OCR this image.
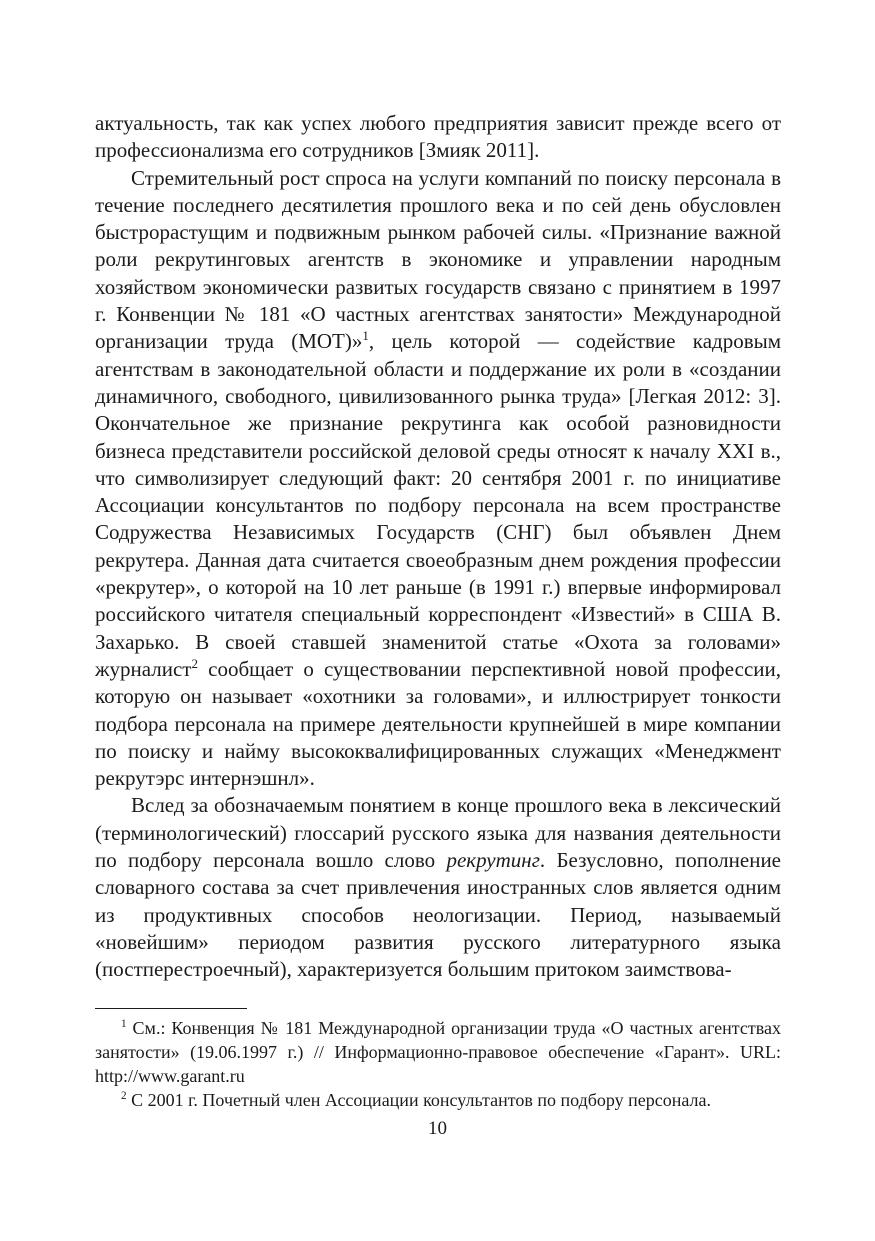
актуальность, так как успех любого предприятия зависит прежде всего от профессионализма его сотрудников [Змияк 2011].

Стремительный рост спроса на услуги компаний по поиску персонала в течение последнего десятилетия прошлого века и по сей день обусловлен быстрорастущим и подвижным рынком рабочей силы. «Признание важной роли рекрутинговых агентств в экономике и управлении народным хозяйством экономически развитых государств связано с принятием в 1997 г. Конвенции № 181 «О частных агентствах занятости» Международной организации труда (МОТ)»$^1$, цель которой — содействие кадровым агентствам в законодательной области и поддержание их роли в «создании динамичного, свободного, цивилизованного рынка труда» [Легкая 2012: 3]. Окончательное же признание рекрутинга как особой разновидности бизнеса представители российской деловой среды относят к началу XXI в., что символизирует следующий факт: 20 сентября 2001 г. по инициативе Ассоциации консультантов по подбору персонала на всем пространстве Содружества Независимых Государств (СНГ) был объявлен Днем рекрутера. Данная дата считается своеобразным днем рождения профессии «рекрутер», о которой на 10 лет раньше (в 1991 г.) впервые информировал российского читателя специальный корреспондент «Известий» в США В. Захарько. В своей ставшей знаменитой статье «Охота за головами» журналист$^2$ сообщает о существовании перспективной новой профессии, которую он называет «охотники за головами», и иллюстрирует тонкости подбора персонала на примере деятельности крупнейшей в мире компании по поиску и найму высококвалифицированных служащих «Менеджмент рекрутэрс интернэшнл».

Вслед за обозначаемым понятием в конце прошлого века в лексический (терминологический) глоссарий русского языка для названия деятельности по подбору персонала вошло слово рекрутинг. Безусловно, пополнение словарного состава за счет привлечения иностранных слов является одним из продуктивных способов неологизации. Период, называемый «новейшим» периодом развития русского литературного языка (постперестроечный), характеризуется большим притоком заимствова-

$^1$ См.: Конвенция № 181 Международной организации труда «О частных агентствах занятости» (19.06.1997 г.) // Информационно-правовое обеспечение «Гарант». URL: http://www.garant.ru

$^2$ С 2001 г. Почетный член Ассоциации консультантов по подбору персонала.

10
